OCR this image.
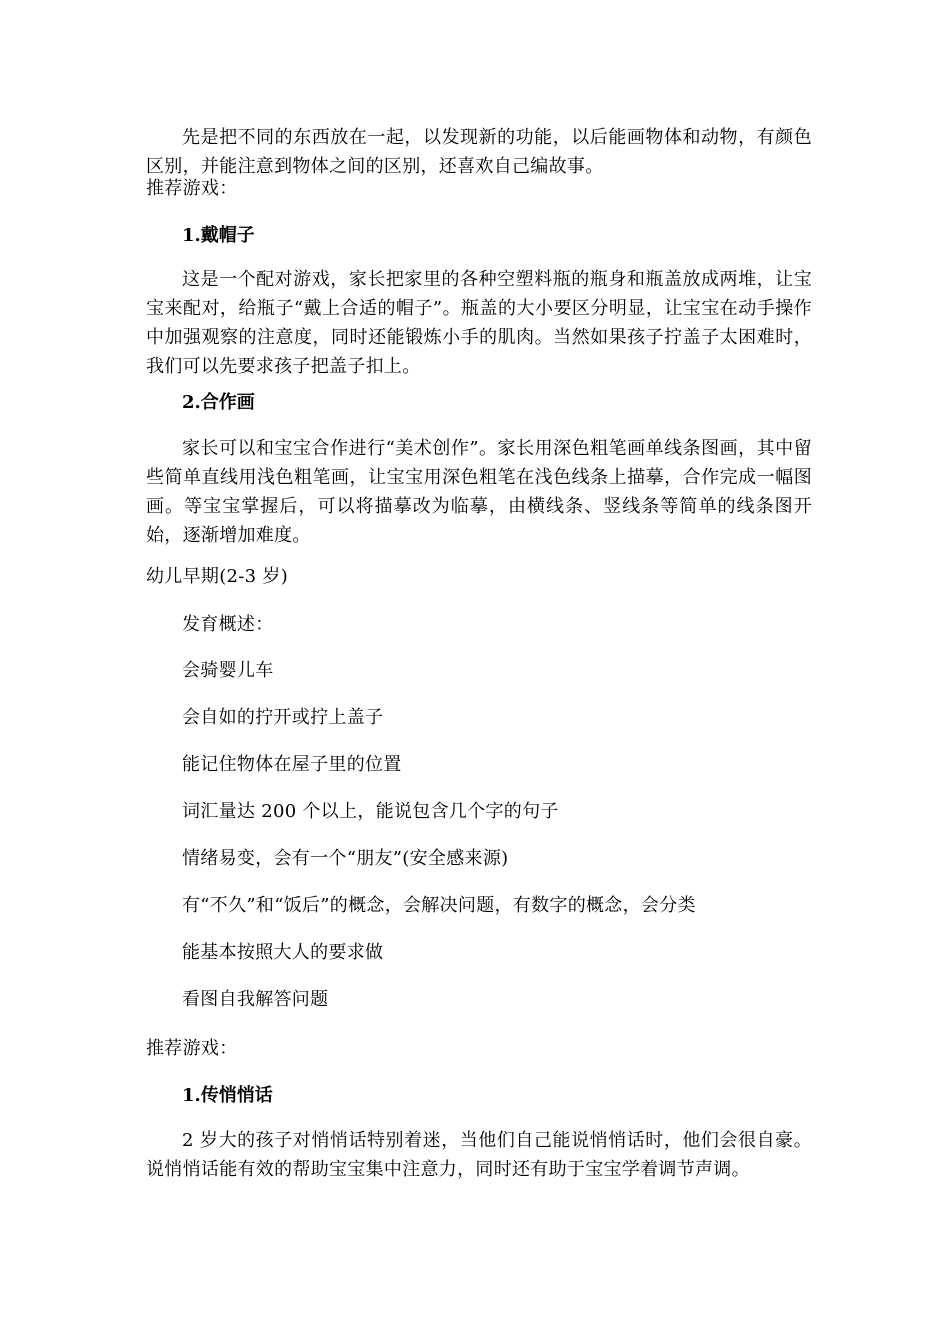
先是把不同的东西放在一起，以发现新的功能，以后能画物体和动物，有颜色区别，并能注意到物体之间的区别，还喜欢自己编故事。

推荐游戏：

1.戴帽子

这是一个配对游戏，家长把家里的各种空塑料瓶的瓶身和瓶盖放成两堆，让宝宝来配对，给瓶子“戴上合适的帽子”。瓶盖的大小要区分明显，让宝宝在动手操作中加强观察的注意度，同时还能锻炼小手的肌肉。当然如果孩子拧盖子太困难时，我们可以先要求孩子把盖子扣上。

2.合作画

家长可以和宝宝合作进行“美术创作”。家长用深色粗笔画单线条图画，其中留些简单直线用浅色粗笔画，让宝宝用深色粗笔在浅色线条上描摹，合作完成一幅图画。等宝宝掌握后，可以将描摹改为临摹，由横线条、竖线条等简单的线条图开始，逐渐增加难度。

幼儿早期(2-3 岁)

发育概述：

会骑婴儿车

会自如的拧开或拧上盖子

能记住物体在屋子里的位置

词汇量达 200 个以上，能说包含几个字的句子

情绪易变，会有一个“朋友”(安全感来源)

有“不久”和“饭后”的概念，会解决问题，有数字的概念，会分类

能基本按照大人的要求做

看图自我解答问题

推荐游戏：

1.传悄悄话

2 岁大的孩子对悄悄话特别着迷，当他们自己能说悄悄话时，他们会很自豪。说悄悄话能有效的帮助宝宝集中注意力，同时还有助于宝宝学着调节声调。
